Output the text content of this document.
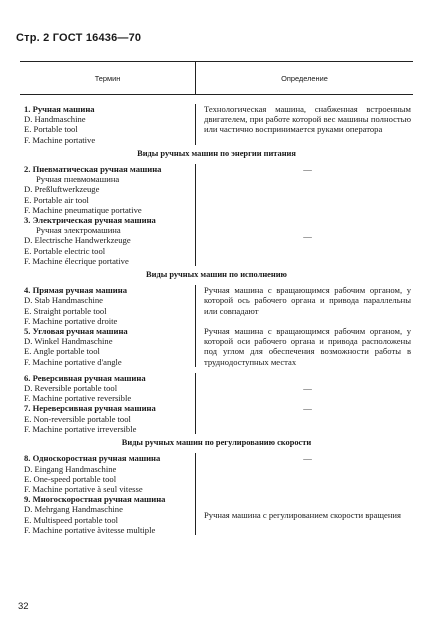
Стр. 2 ГОСТ 16436—70
Термин	Определение
1. Ручная машина
D. Handmaschine
E. Portable tool
F. Machine portative
Технологическая машина, снабженная встроенным двигателем, при работе которой вес машины полностью или частично воспринимается руками оператора
Виды ручных машин по энергии питания
2. Пневматическая ручная машина
Ручная пневмомашина
D. Preßluftwerkzeuge
E. Portable air tool
F. Machine pneumatique portative
—
3. Электрическая ручная машина
Ручная электромашина
D. Electrische Handwerkzeuge
E. Portable electric tool
F. Machine élecrique portative
—
Виды ручных машин по исполнению
4. Прямая ручная машина
D. Stab Handmaschine
E. Straight portable tool
F. Machine portative droite
Ручная машина с вращающимся рабочим органом, у которой ось рабочего органа и привода параллельны или совпадают
5. Угловая ручная машина
D. Winkel Handmaschine
E. Angle portable tool
F. Machine portative d'angle
Ручная машина с вращающимся рабочим органом, у которой оси рабочего органа и привода расположены под углом для обеспечения возможности работы в труднодоступных местах
6. Реверсивная ручная машина
D. Reversible portable tool
F. Machine portative reversible
—
7. Нереверсивная ручная машина
E. Non-reversible portable tool
F. Machine portative irreversible
—
Виды ручных машин по регулированию скорости
8. Односкоростная ручная машина
D. Eingang Handmaschine
E. One-speed portable tool
F. Machine portative à seul vitesse
—
9. Многоскоростная ручная машина
D. Mehrgang Handmaschine
E. Multispeed portable tool
F. Machine portative àvitesse multiple
Ручная машина с регулированием скорости вращения
32
